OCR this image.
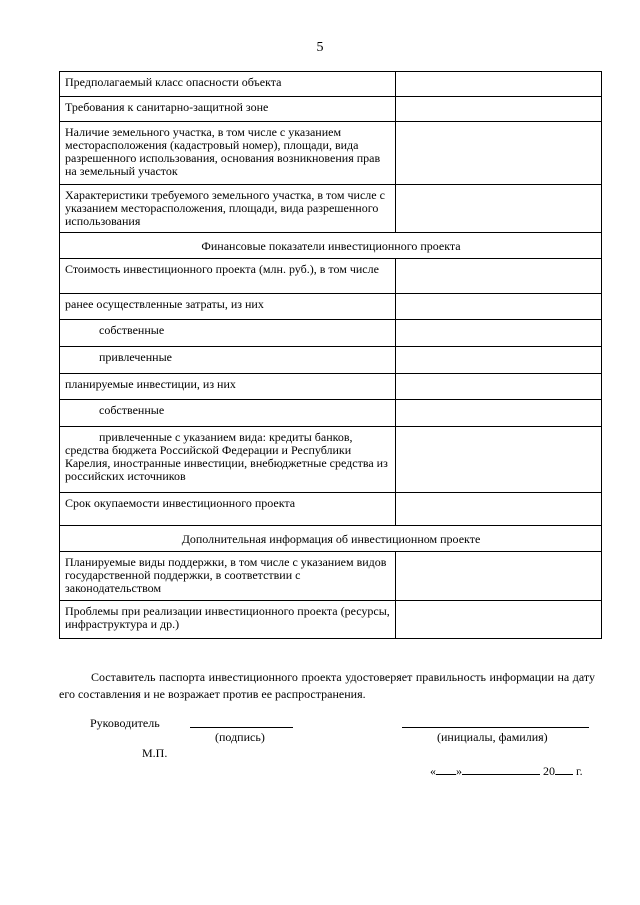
5
Предполагаемый класс опасности объекта	
Требования к санитарно-защитной зоне	
Наличие земельного участка, в том числе с указанием месторасположения (кадастровый номер), площади, вида разрешенного использования, основания возникновения прав на земельный участок	
Характеристики требуемого земельного участка, в том числе с указанием месторасположения, площади, вида разрешенного использования	
Финансовые показатели инвестиционного проекта	
Стоимость инвестиционного проекта (млн. руб.), в том числе	
ранее осуществленные затраты, из них	
собственные	
привлеченные	
планируемые инвестиции, из них	
собственные	
привлеченные с указанием вида: кредиты банков, средства бюджета Российской Федерации и Республики Карелия, иностранные инвестиции, внебюджетные средства из российских источников	
Срок окупаемости инвестиционного проекта	
Дополнительная информация об инвестиционном проекте	
Планируемые виды поддержки, в том числе с указанием видов государственной поддержки, в соответствии с законодательством	
Проблемы при реализации инвестиционного проекта (ресурсы, инфраструктура и др.)	
Составитель паспорта инвестиционного проекта удостоверяет правильность информации на дату его составления и не возражает против ее распространения.
Руководитель
(подпись)	(инициалы, фамилия)
М.П.
« »	20 г.
